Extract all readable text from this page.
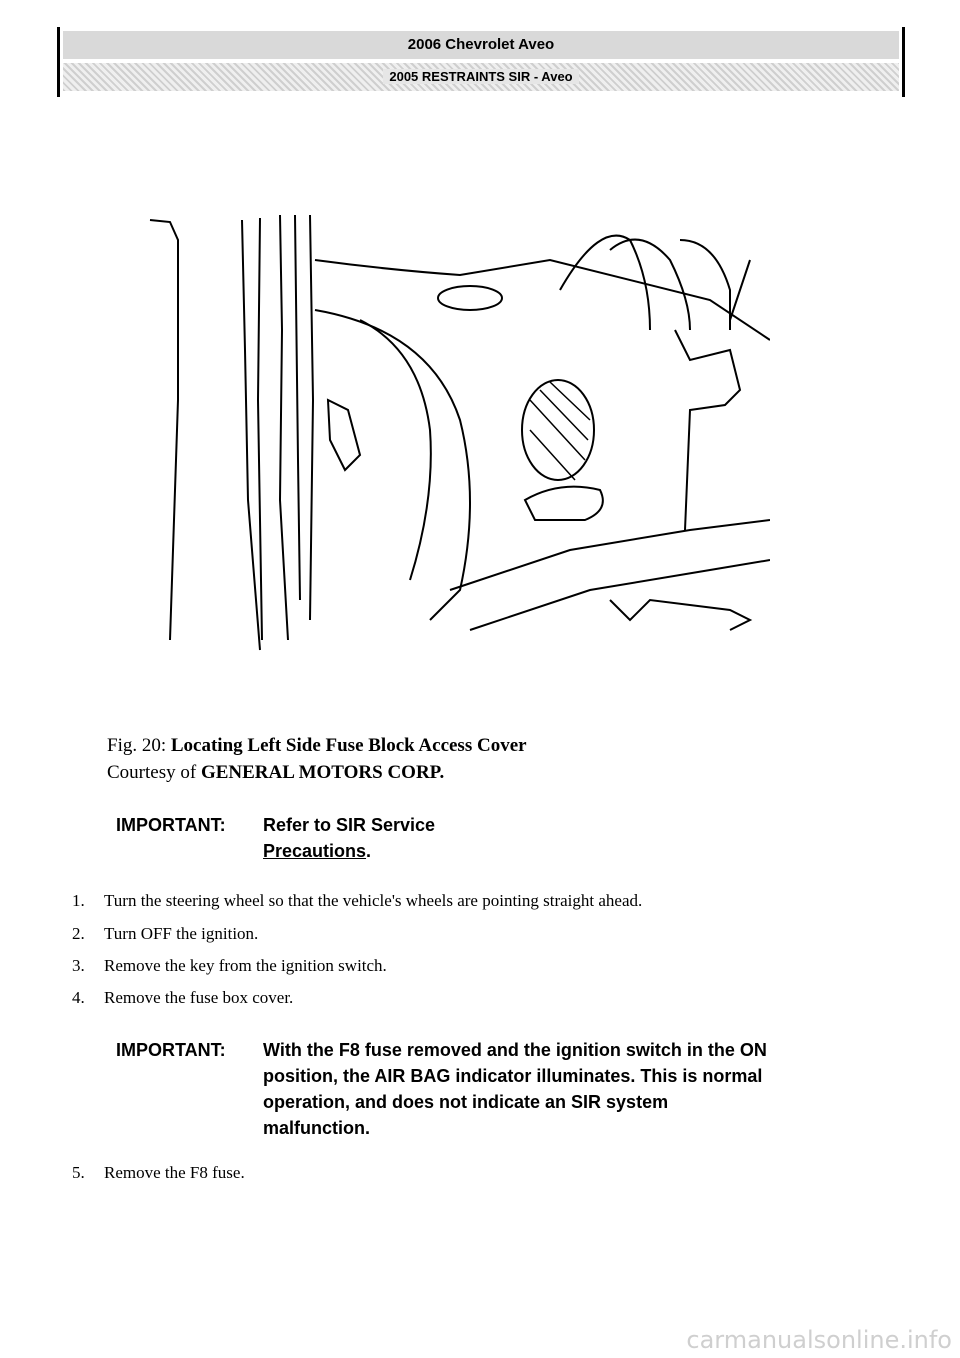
2006 Chevrolet Aveo
2005 RESTRAINTS SIR - Aveo
Fig. 20: Locating Left Side Fuse Block Access Cover
Courtesy of GENERAL MOTORS CORP.
IMPORTANT:	Refer to SIR Service
Precautions.
1.	Turn the steering wheel so that the vehicle's wheels are pointing straight ahead.
2.	Turn OFF the ignition.
3.	Remove the key from the ignition switch.
4.	Remove the fuse box cover.
IMPORTANT:	With the F8 fuse removed and the ignition switch in the ON
position, the AIR BAG indicator illuminates. This is normal
operation, and does not indicate an SIR system
malfunction.
5.	Remove the F8 fuse.
carmanualsonline.info
